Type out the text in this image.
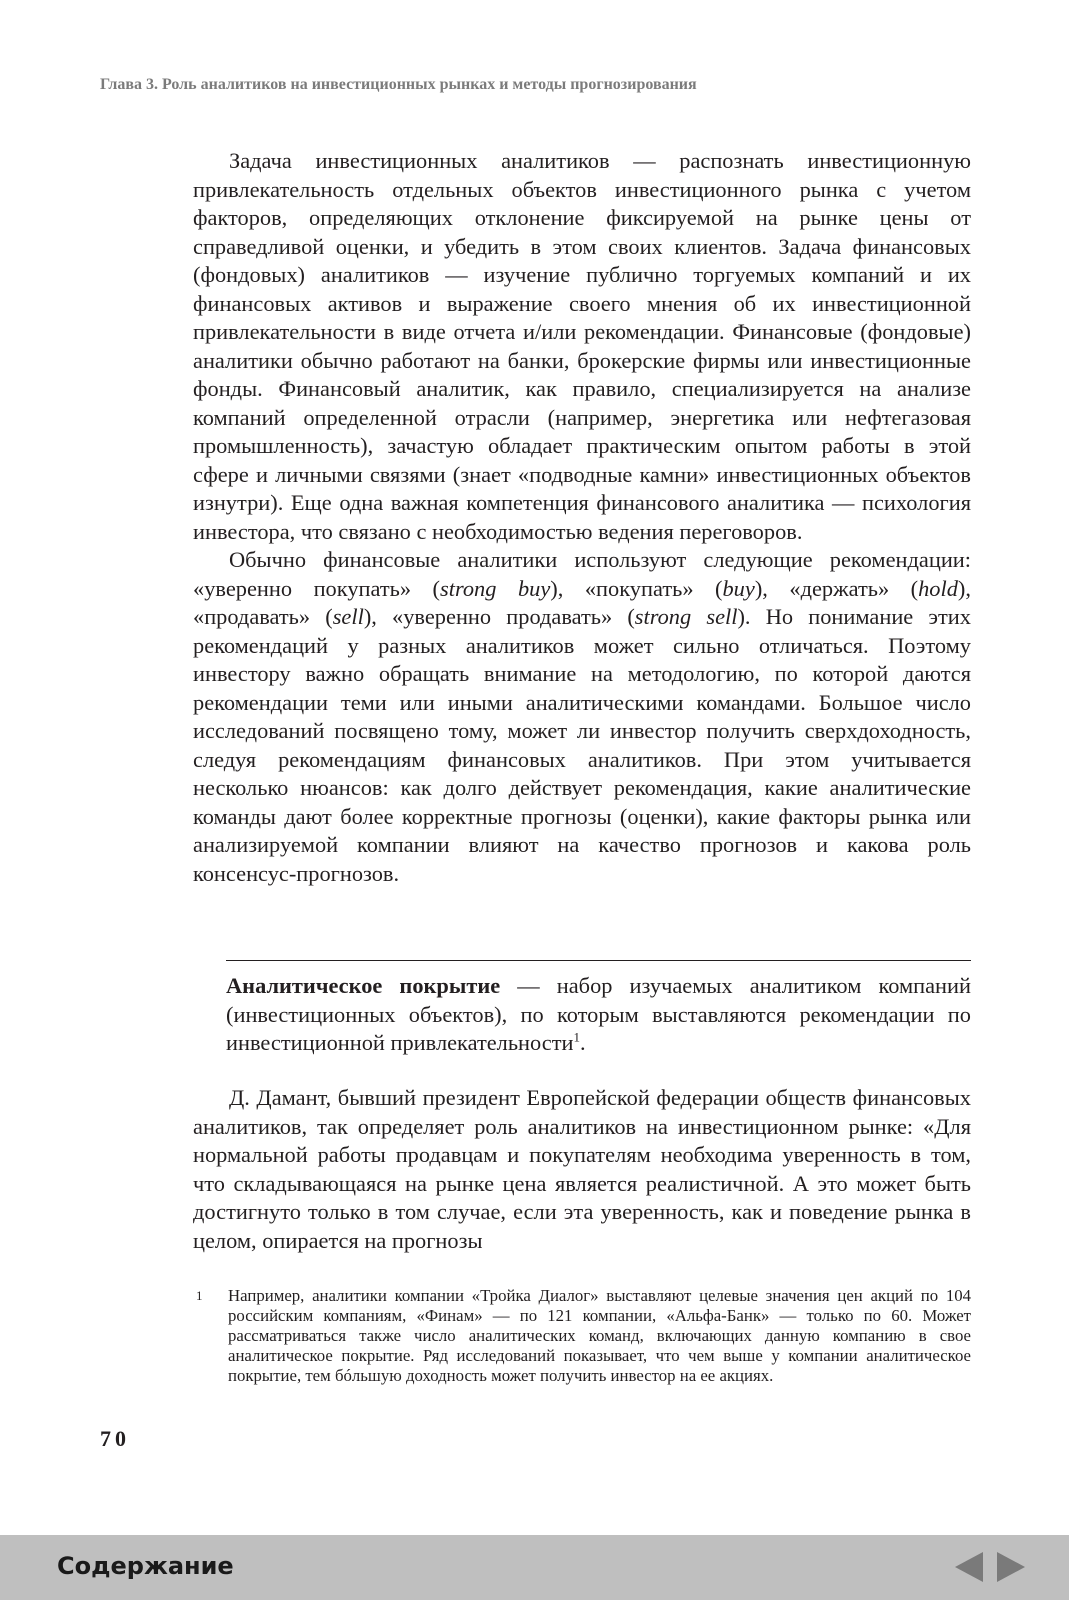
Глава 3. Роль аналитиков на инвестиционных рынках и методы прогнозирования

Задача инвестиционных аналитиков — распознать инвестиционную привлекательность отдельных объектов инвестиционного рынка с учетом факторов, определяющих отклонение фиксируемой на рынке цены от справедливой оценки, и убедить в этом своих клиентов. Задача финансовых (фондовых) аналитиков — изучение публично торгуемых компаний и их финансовых активов и выражение своего мнения об их инвестиционной привлекательности в виде отчета и/или рекомендации. Финансовые (фондовые) аналитики обычно работают на банки, брокерские фирмы или инвестиционные фонды. Финансовый аналитик, как правило, специализируется на анализе компаний определенной отрасли (например, энергетика или нефтегазовая промышленность), зачастую обладает практическим опытом работы в этой сфере и личными связями (знает «подводные камни» инвестиционных объектов изнутри). Еще одна важная компетенция финансового аналитика — психология инвестора, что связано с необходимостью ведения переговоров.

Обычно финансовые аналитики используют следующие рекомендации: «уверенно покупать» (strong buy), «покупать» (buy), «держать» (hold), «продавать» (sell), «уверенно продавать» (strong sell). Но понимание этих рекомендаций у разных аналитиков может сильно отличаться. Поэтому инвестору важно обращать внимание на методологию, по которой даются рекомендации теми или иными аналитическими командами. Большое число исследований посвящено тому, может ли инвестор получить сверхдоходность, следуя рекомендациям финансовых аналитиков. При этом учитывается несколько нюансов: как долго действует рекомендация, какие аналитические команды дают более корректные прогнозы (оценки), какие факторы рынка или анализируемой компании влияют на качество прогнозов и какова роль консенсус-прогнозов.

Аналитическое покрытие — набор изучаемых аналитиком компаний (инвестиционных объектов), по которым выставляются рекомендации по инвестиционной привлекательности$^1$.

Д. Дамант, бывший президент Европейской федерации обществ финансовых аналитиков, так определяет роль аналитиков на инвестиционном рынке: «Для нормальной работы продавцам и покупателям необходима уверенность в том, что складывающаяся на рынке цена является реалистичной. А это может быть достигнуто только в том случае, если эта уверенность, как и поведение рынка в целом, опирается на прогнозы

1 Например, аналитики компании «Тройка Диалог» выставляют целевые значения цен акций по 104 российским компаниям, «Финам» — по 121 компании, «Альфа-Банк» — только по 60. Может рассматриваться также число аналитических команд, включающих данную компанию в свое аналитическое покрытие. Ряд исследований показывает, что чем выше у компании аналитическое покрытие, тем бóльшую доходность может получить инвестор на ее акциях.
70
Содержание
